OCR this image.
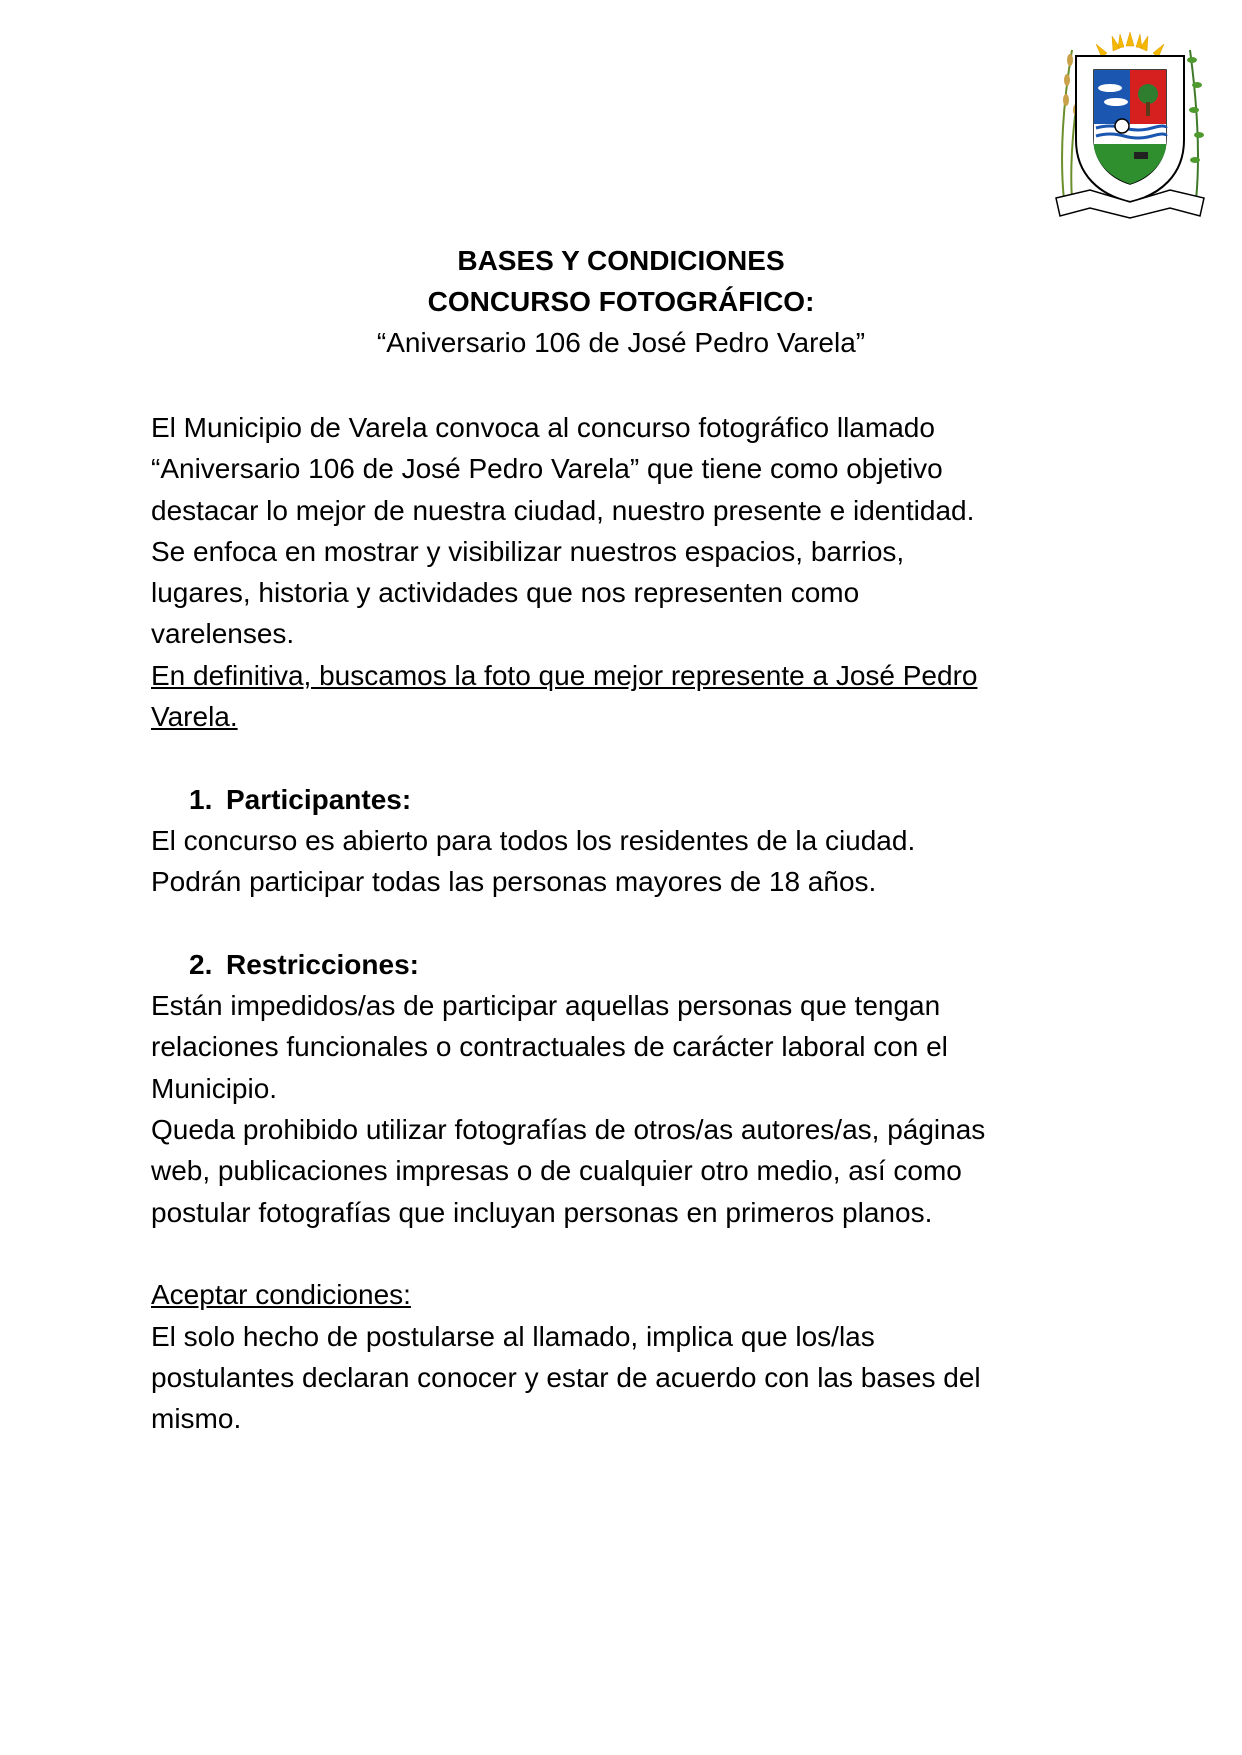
BASES Y CONDICIONES
CONCURSO FOTOGRÁFICO:
“Aniversario 106 de José Pedro Varela”

El Municipio de Varela convoca al concurso fotográfico llamado

“Aniversario 106 de José Pedro Varela” que tiene como objetivo

destacar lo mejor de nuestra ciudad, nuestro presente e identidad.

Se enfoca en mostrar y visibilizar nuestros espacios, barrios,

lugares, historia y actividades que nos representen como

varelenses.

En definitiva, buscamos la foto que mejor represente a José Pedro

Varela.

1. Participantes:

El concurso es abierto para todos los residentes de la ciudad.

Podrán participar todas las personas mayores de 18 años.

2. Restricciones:

Están impedidos/as de participar aquellas personas que tengan

relaciones funcionales o contractuales de carácter laboral con el

Municipio.

Queda prohibido utilizar fotografías de otros/as autores/as, páginas

web, publicaciones impresas o de cualquier otro medio, así como

postular fotografías que incluyan personas en primeros planos.

Aceptar condiciones:

El solo hecho de postularse al llamado, implica que los/las

postulantes declaran conocer y estar de acuerdo con las bases del

mismo.
